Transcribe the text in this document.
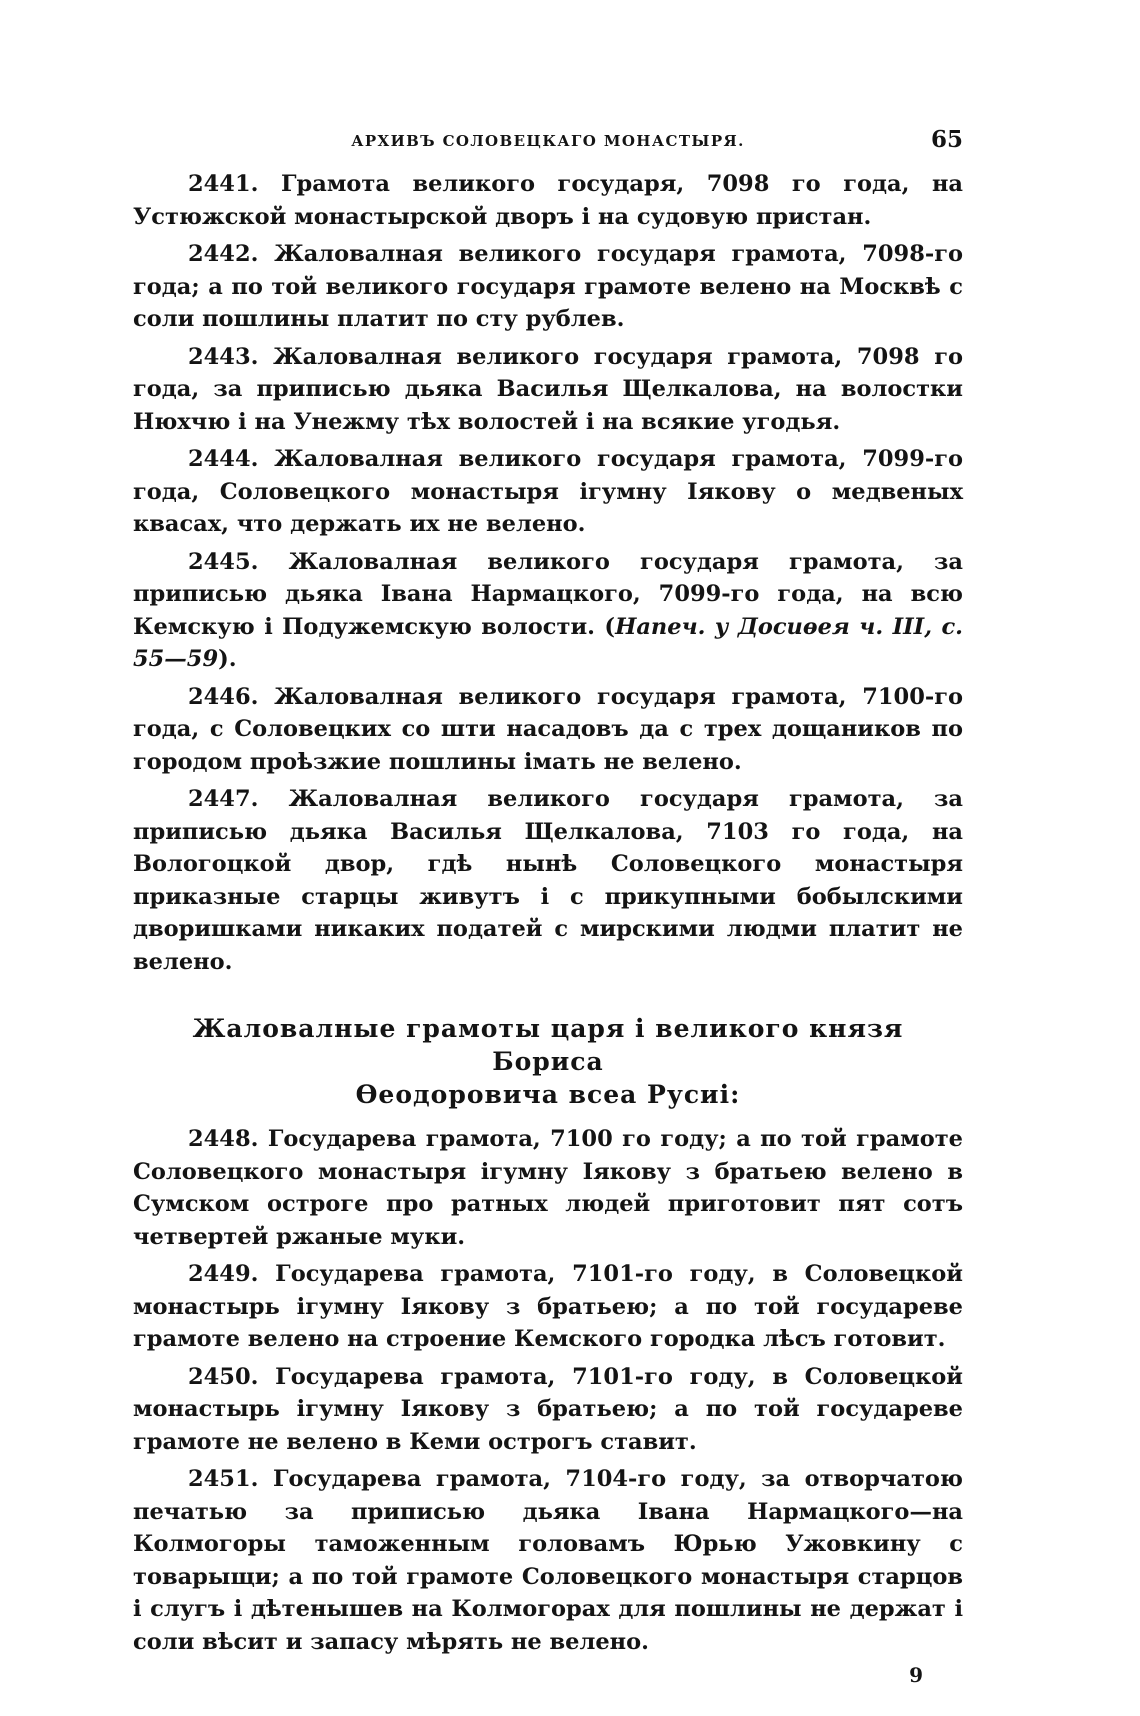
АРХИВЪ СОЛОВЕЦКАГО МОНАСТЫРЯ.	65

2441. Грамота великого государя, 7098 го года, на Устюжской монастырской дворъ і на судовую пристан.

2442. Жаловалная великого государя грамота, 7098-го года; а по той великого государя грамоте велено на Москвѣ с соли пошлины платит по сту рублев.

2443. Жаловалная великого государя грамота, 7098 го года, за приписью дьяка Василья Щелкалова, на волостки Нюхчю і на Унежму тѣх волостей і на всякие угодья.

2444. Жаловалная великого государя грамота, 7099-го года, Соловецкого монастыря ігумну Іякову о медвеных квасах, что держать их не велено.

2445. Жаловалная великого государя грамота, за приписью дьяка Івана Нармацкого, 7099-го года, на всю Кемскую і Подужемскую волости. (Напеч. у Досиѳея ч. III, с. 55—59).

2446. Жаловалная великого государя грамота, 7100-го года, с Соловецких со шти насадовъ да с трех дощаников по городом проѣзжие пошлины імать не велено.

2447. Жаловалная великого государя грамота, за приписью дьяка Василья Щелкалова, 7103 го года, на Вологоцкой двор, гдѣ нынѣ Соловецкого монастыря приказные старцы живутъ і с прикупными бобылскими дворишками никаких податей с мирскими людми платит не велено.

Жаловалные грамоты царя і великого князя Бориса
Ѳеодоровича всеа Русиі:

2448. Государева грамота, 7100 го году; а по той грамоте Соловецкого монастыря ігумну Іякову з братьею велено в Сумском остроге про ратных людей приготовит пят сотъ четвертей ржаные муки.

2449. Государева грамота, 7101-го году, в Соловецкой монастырь ігумну Іякову з братьею; а по той государеве грамоте велено на строение Кемского городка лѣсъ готовит.

2450. Государева грамота, 7101-го году, в Соловецкой монастырь ігумну Іякову з братьею; а по той государеве грамоте не велено в Кеми острогъ ставит.

2451. Государева грамота, 7104-го году, за отворчатою печатью за приписью дьяка Івана Нармацкого—на Колмогоры таможенным головамъ Юрью Ужовкину с товарыщи; а по той грамоте Соловецкого монастыря старцов і слугъ і дѣтенышев на Колмогорах для пошлины не держат і соли вѣсит и запасу мѣрять не велено.

9
